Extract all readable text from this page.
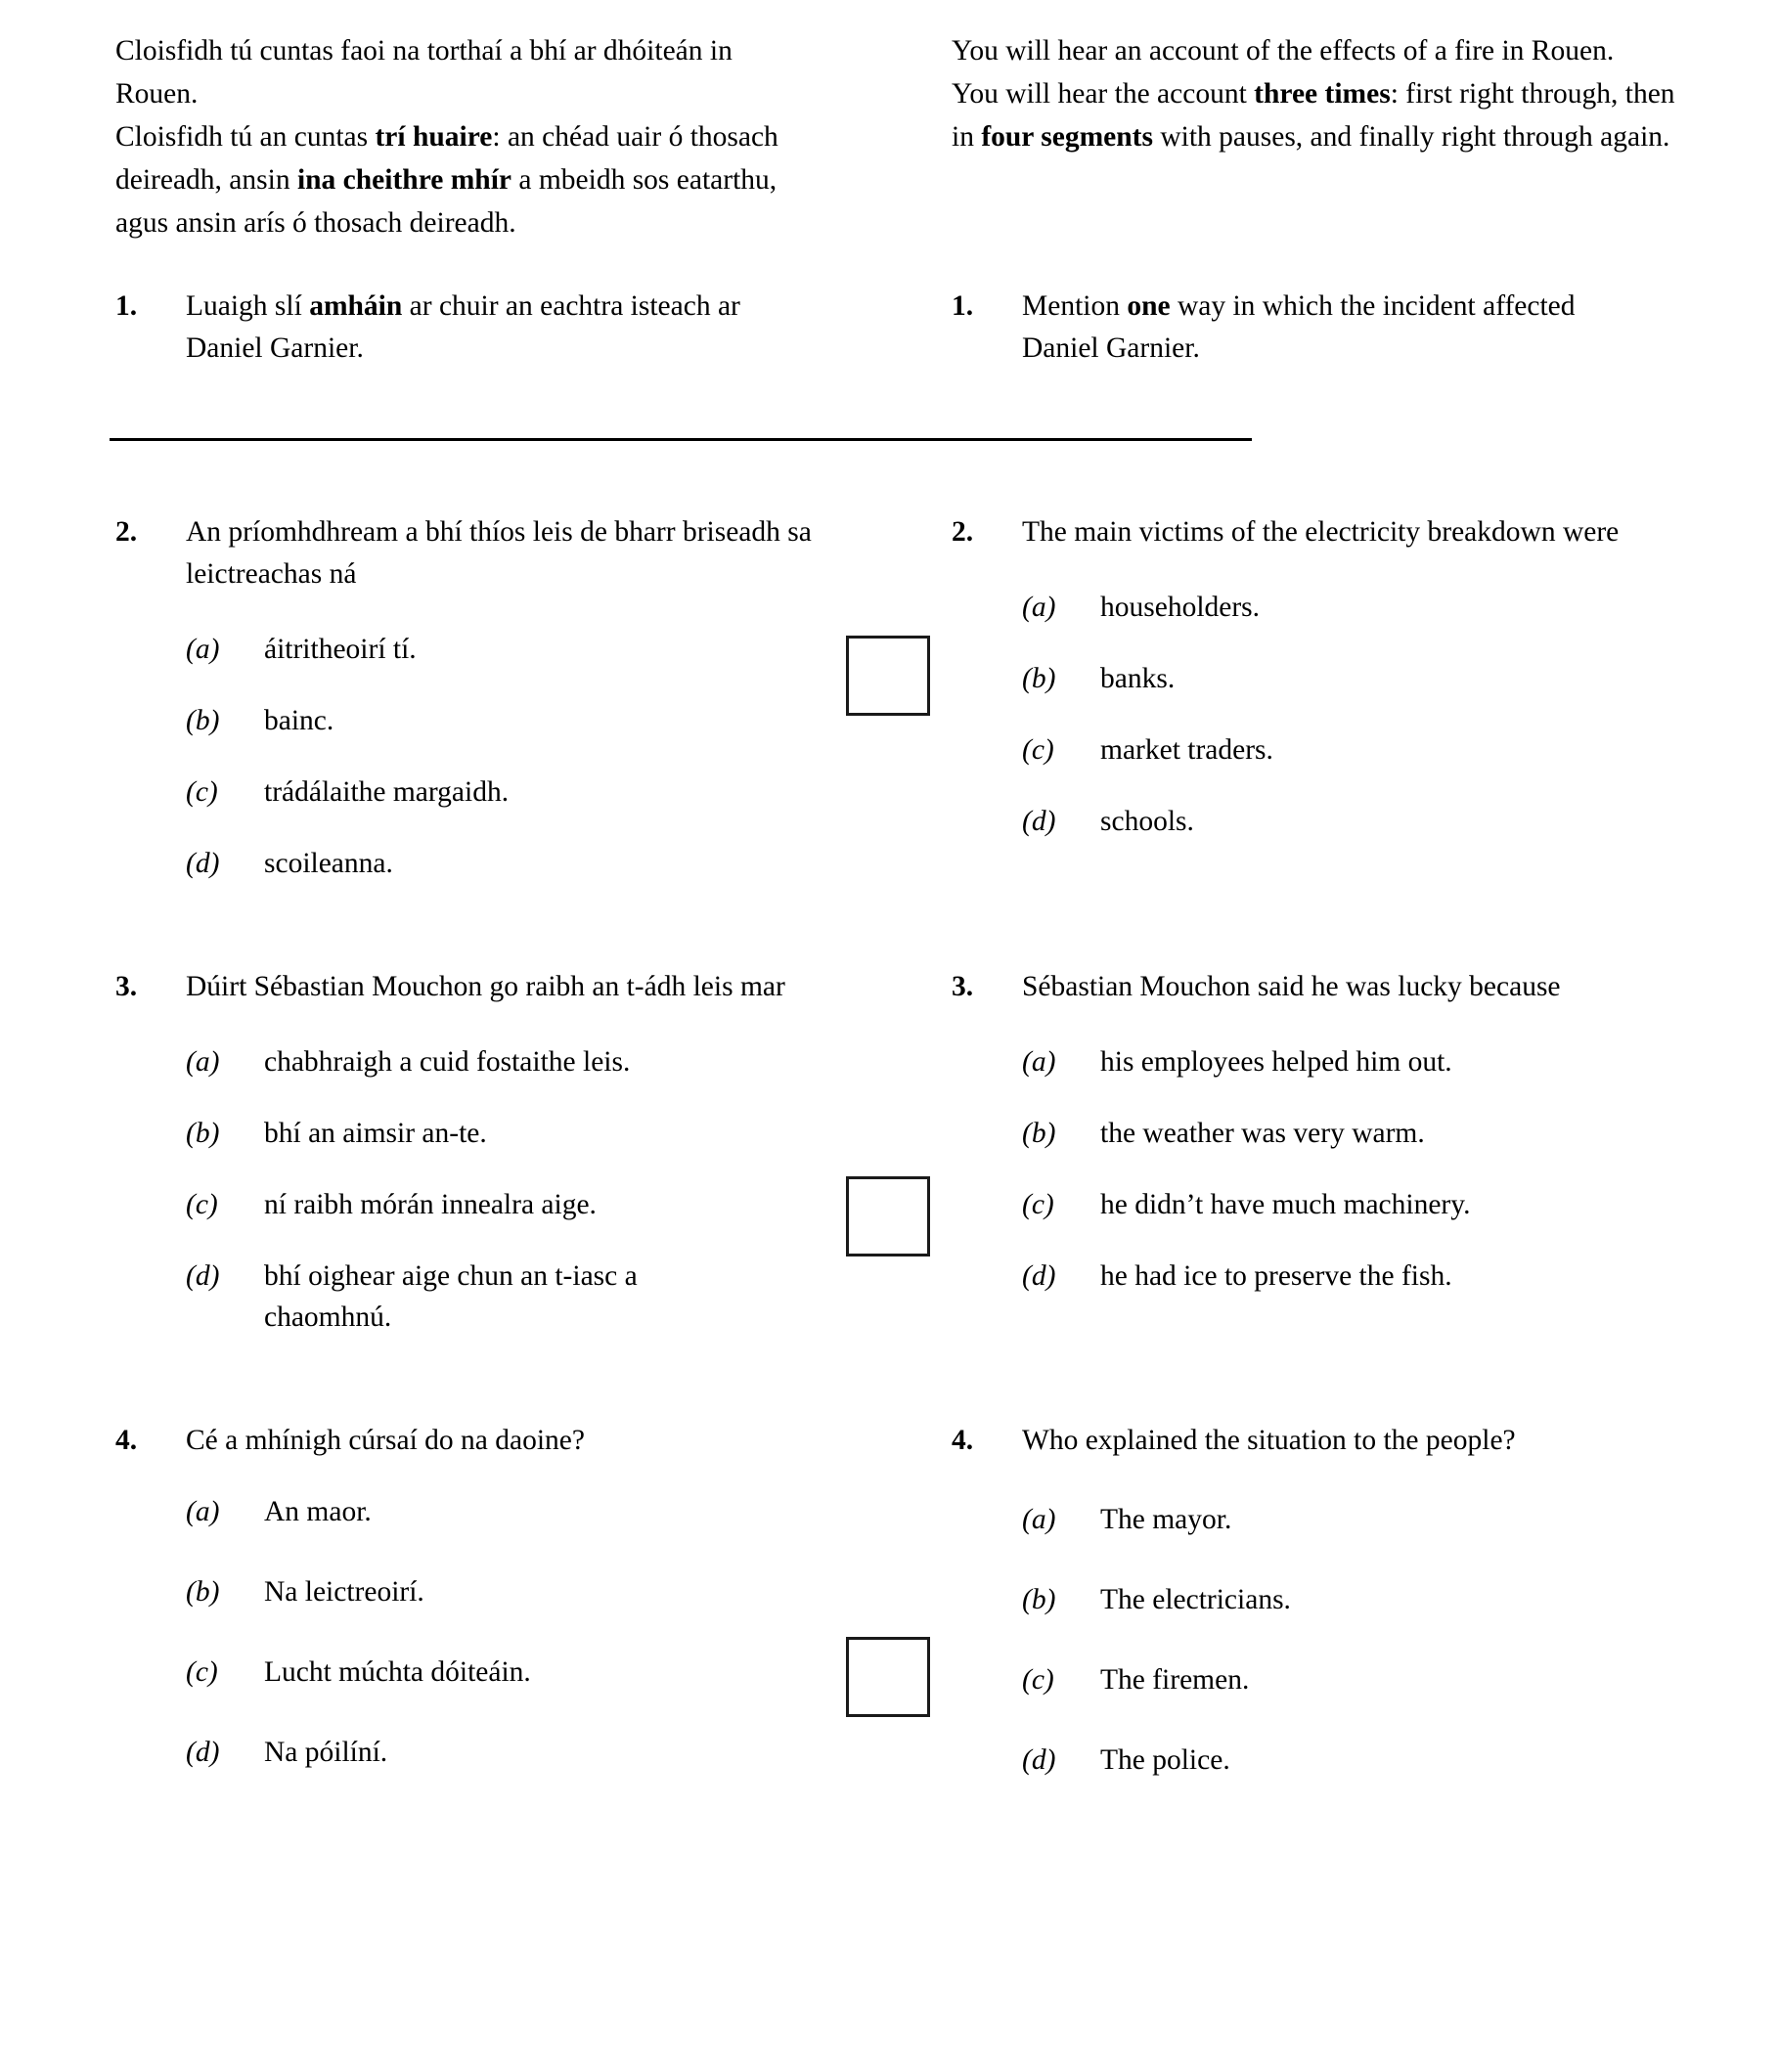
Cloisfidh tú cuntas faoi na torthaí a bhí ar dhóiteán in Rouen.

Cloisfidh tú an cuntas trí huaire: an chéad uair ó thosach deireadh, ansin ina cheithre mhír a mbeidh sos eatarthu, agus ansin arís ó thosach deireadh.

You will hear an account of the effects of a fire in Rouen.

You will hear the account three times: first right through, then in four segments with pauses, and finally right through again.

1.	Luaigh slí amháin ar chuir an eachtra isteach ar Daniel Garnier.
1.	Mention one way in which the incident affected Daniel Garnier.
2.	An príomhdhream a bhí thíos leis de bharr briseadh sa leictreachas ná
(a)	áitritheoirí tí.
(b)	bainc.
(c)	trádálaithe margaidh.
(d)	scoileanna.
2.	The main victims of the electricity breakdown were
(a)	householders.
(b)	banks.
(c)	market traders.
(d)	schools.
3.	Dúirt Sébastian Mouchon go raibh an t-ádh leis mar
(a)	chabhraigh a cuid fostaithe leis.
(b)	bhí an aimsir an-te.
(c)	ní raibh mórán innealra aige.
(d)	bhí oighear aige chun an t-iasc a chaomhnú.
3.	Sébastian Mouchon said he was lucky because
(a)	his employees helped him out.
(b)	the weather was very warm.
(c)	he didn’t have much machinery.
(d)	he had ice to preserve the fish.
4.	Cé a mhínigh cúrsaí do na daoine?
(a)	An maor.
(b)	Na leictreoirí.
(c)	Lucht múchta dóiteáin.
(d)	Na póilíní.
4.	Who explained the situation to the people?
(a)	The mayor.
(b)	The electricians.
(c)	The firemen.
(d)	The police.
